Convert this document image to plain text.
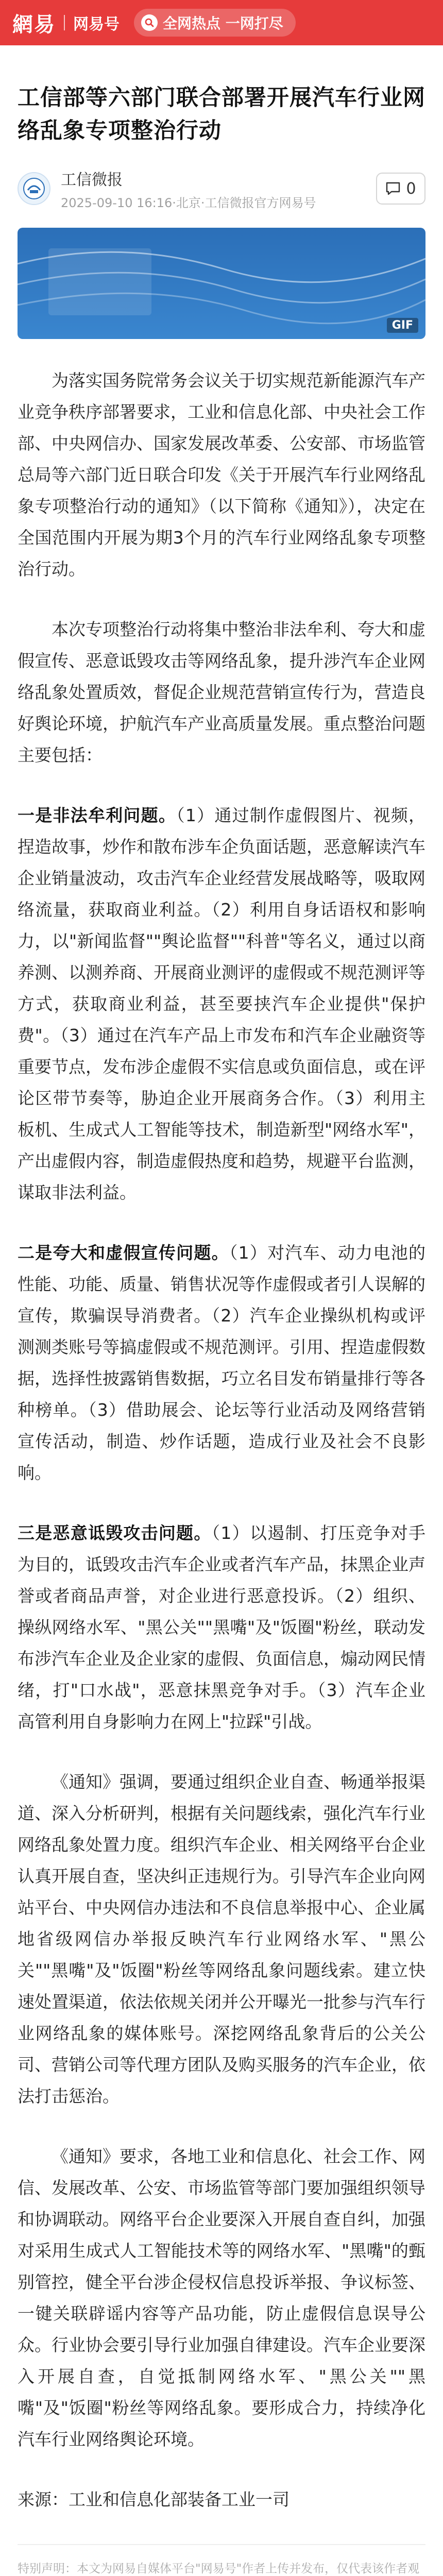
網易 网易号	全网热点 一网打尽
工信部等六部门联合部署开展汽车行业网络乱象专项整治行动
工信微报
2025-09-10 16:16·北京·工信微报官方网易号
0
GIF

为落实国务院常务会议关于切实规范新能源汽车产业竞争秩序部署要求，工业和信息化部、中央社会工作部、中央网信办、国家发展改革委、公安部、市场监管总局等六部门近日联合印发《关于开展汽车行业网络乱象专项整治行动的通知》（以下简称《通知》），决定在全国范围内开展为期3个月的汽车行业网络乱象专项整治行动。

本次专项整治行动将集中整治非法牟利、夸大和虚假宣传、恶意诋毁攻击等网络乱象，提升涉汽车企业网络乱象处置质效，督促企业规范营销宣传行为，营造良好舆论环境，护航汽车产业高质量发展。重点整治问题主要包括：

一是非法牟利问题。（1）通过制作虚假图片、视频，捏造故事，炒作和散布涉车企负面话题，恶意解读汽车企业销量波动，攻击汽车企业经营发展战略等，吸取网络流量，获取商业利益。（2）利用自身话语权和影响力，以"新闻监督""舆论监督""科普"等名义，通过以商养测、以测养商、开展商业测评的虚假或不规范测评等方式，获取商业利益，甚至要挟汽车企业提供"保护费"。（3）通过在汽车产品上市发布和汽车企业融资等重要节点，发布涉企虚假不实信息或负面信息，或在评论区带节奏等，胁迫企业开展商务合作。（3）利用主板机、生成式人工智能等技术，制造新型"网络水军"，产出虚假内容，制造虚假热度和趋势，规避平台监测，谋取非法利益。

二是夸大和虚假宣传问题。（1）对汽车、动力电池的性能、功能、质量、销售状况等作虚假或者引人误解的宣传，欺骗误导消费者。（2）汽车企业操纵机构或评测测类账号等搞虚假或不规范测评。引用、捏造虚假数据，选择性披露销售数据，巧立名目发布销量排行等各种榜单。（3）借助展会、论坛等行业活动及网络营销宣传活动，制造、炒作话题，造成行业及社会不良影响。

三是恶意诋毁攻击问题。（1）以遏制、打压竞争对手为目的，诋毁攻击汽车企业或者汽车产品，抹黑企业声誉或者商品声誉，对企业进行恶意投诉。（2）组织、操纵网络水军、"黑公关""黑嘴"及"饭圈"粉丝，联动发布涉汽车企业及企业家的虚假、负面信息，煽动网民情绪，打"口水战"，恶意抹黑竞争对手。（3）汽车企业高管利用自身影响力在网上"拉踩"引战。

《通知》强调，要通过组织企业自查、畅通举报渠道、深入分析研判，根据有关问题线索，强化汽车行业网络乱象处置力度。组织汽车企业、相关网络平台企业认真开展自查，坚决纠正违规行为。引导汽车企业向网站平台、中央网信办违法和不良信息举报中心、企业属地省级网信办举报反映汽车行业网络水军、"黑公关""黑嘴"及"饭圈"粉丝等网络乱象问题线索。建立快速处置渠道，依法依规关闭并公开曝光一批参与汽车行业网络乱象的媒体账号。深挖网络乱象背后的公关公司、营销公司等代理方团队及购买服务的汽车企业，依法打击惩治。

《通知》要求，各地工业和信息化、社会工作、网信、发展改革、公安、市场监管等部门要加强组织领导和协调联动。网络平台企业要深入开展自查自纠，加强对采用生成式人工智能技术等的网络水军、"黑嘴"的甄别管控，健全平台涉企侵权信息投诉举报、争议标签、一键关联辟谣内容等产品功能，防止虚假信息误导公众。行业协会要引导行业加强自律建设。汽车企业要深入开展自查，自觉抵制网络水军、"黑公关""黑嘴"及"饭圈"粉丝等网络乱象。要形成合力，持续净化汽车行业网络舆论环境。

来源：工业和信息化部装备工业一司

特别声明：本文为网易自媒体平台"网易号"作者上传并发布，仅代表该作者观
